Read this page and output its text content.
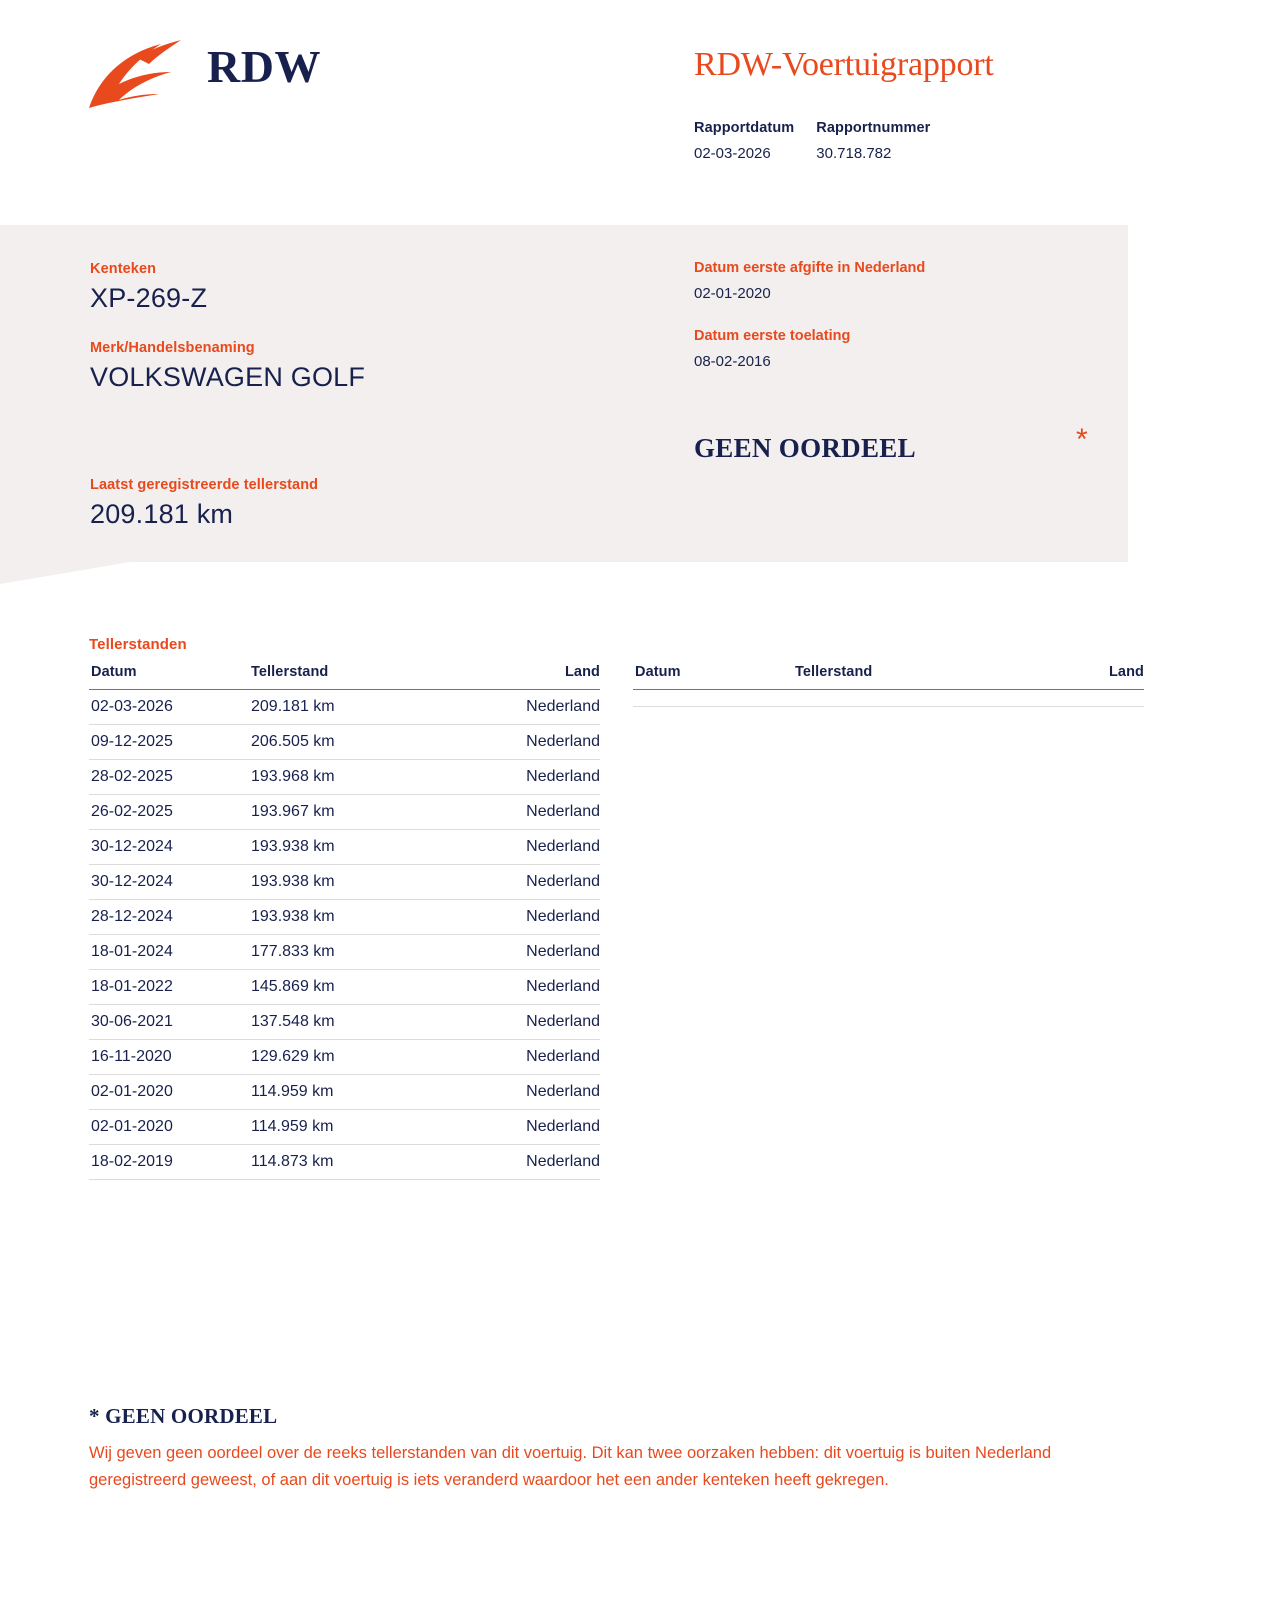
RDW	RDW-Voertuigrapport
Rapportdatum
02-03-2026
Rapportnummer
30.718.782
Kenteken
XP-269-Z
Merk/Handelsbenaming
VOLKSWAGEN GOLF
Laatst geregistreerde tellerstand
209.181 km
Datum eerste afgifte in Nederland
02-01-2020
Datum eerste toelating
08-02-2016
GEEN OORDEEL	*
Tellerstanden
Datum	Tellerstand	Land
02-03-2026	209.181 km	Nederland
09-12-2025	206.505 km	Nederland
28-02-2025	193.968 km	Nederland
26-02-2025	193.967 km	Nederland
30-12-2024	193.938 km	Nederland
30-12-2024	193.938 km	Nederland
28-12-2024	193.938 km	Nederland
18-01-2024	177.833 km	Nederland
18-01-2022	145.869 km	Nederland
30-06-2021	137.548 km	Nederland
16-11-2020	129.629 km	Nederland
02-01-2020	114.959 km	Nederland
02-01-2020	114.959 km	Nederland
18-02-2019	114.873 km	Nederland
Datum	Tellerstand	Land

* GEEN OORDEEL
Wij geven geen oordeel over de reeks tellerstanden van dit voertuig. Dit kan twee oorzaken hebben: dit voertuig is buiten Nederland geregistreerd geweest, of aan dit voertuig is iets veranderd waardoor het een ander kenteken heeft gekregen.
